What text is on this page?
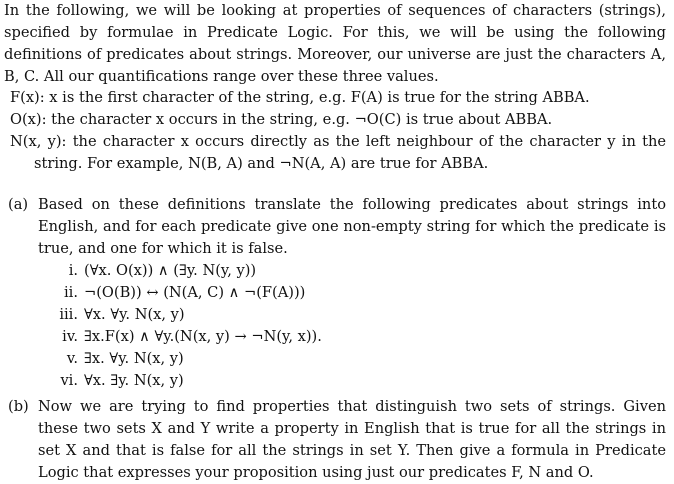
In the following, we will be looking at properties of sequences of characters (strings), specified by formulae in Predicate Logic. For this, we will be using the following definitions of predicates about strings. Moreover, our universe are just the characters A, B, C. All our quantifications range over these three values.

F(x): x is the first character of the string, e.g. F(A) is true for the string ABBA.
O(x): the character x occurs in the string, e.g. ¬O(C) is true about ABBA.
N(x, y): the character x occurs directly as the left neighbour of the character y in the string. For example, N(B, A) and ¬N(A, A) are true for ABBA.
(a) Based on these definitions translate the following predicates about strings into English, and for each predicate give one non-empty string for which the predicate is true, and one for which it is false.
i. (∀x. O(x)) ∧ (∃y. N(y, y))
ii. ¬(O(B)) ↔ (N(A, C) ∧ ¬(F(A)))
iii. ∀x. ∀y. N(x, y)
iv. ∃x.F(x) ∧ ∀y.(N(x, y) → ¬N(y, x)).
v. ∃x. ∀y. N(x, y)
vi. ∀x. ∃y. N(x, y)
(b) Now we are trying to find properties that distinguish two sets of strings. Given these two sets X and Y write a property in English that is true for all the strings in set X and that is false for all the strings in set Y. Then give a formula in Predicate Logic that expresses your proposition using just our predicates F, N and O.
